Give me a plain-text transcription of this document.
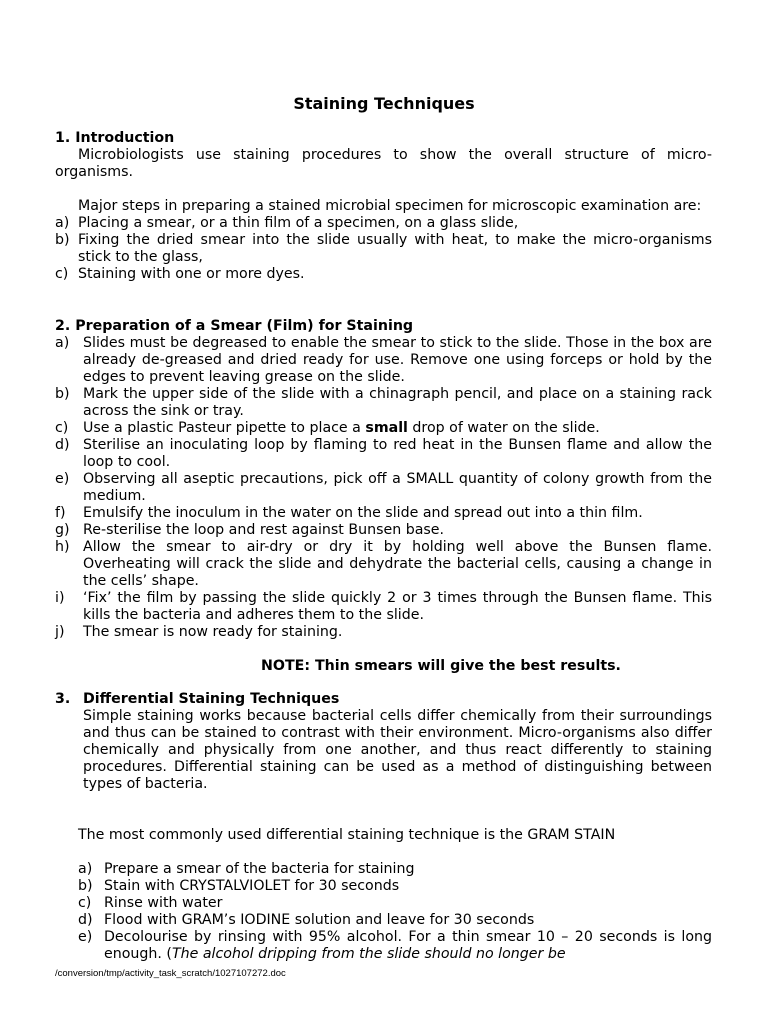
Staining Techniques
1. Introduction
Microbiologists use staining procedures to show the overall structure of micro-organisms.
Major steps in preparing a stained microbial specimen for microscopic examination are:
a) Placing a smear, or a thin film of a specimen, on a glass slide,
b) Fixing the dried smear into the slide usually with heat, to make the micro-organisms stick to the glass,
c) Staining with one or more dyes.
2. Preparation of a Smear (Film) for Staining
a) Slides must be degreased to enable the smear to stick to the slide. Those in the box are already de-greased and dried ready for use. Remove one using forceps or hold by the edges to prevent leaving grease on the slide.
b) Mark the upper side of the slide with a chinagraph pencil, and place on a staining rack across the sink or tray.
c)	Use a plastic Pasteur pipette to place a small drop of water on the slide.
d) Sterilise an inoculating loop by flaming to red heat in the Bunsen flame and allow the loop to cool.
e) Observing all aseptic precautions, pick off a SMALL quantity of colony growth from the medium.
f)	Emulsify the inoculum in the water on the slide and spread out into a thin film.
g) Re-sterilise the loop and rest against Bunsen base.
h) Allow the smear to air-dry or dry it by holding well above the Bunsen flame. Overheating will crack the slide and dehydrate the bacterial cells, causing a change in the cells’ shape.
i)	‘Fix’ the film by passing the slide quickly 2 or 3 times through the Bunsen flame. This kills the bacteria and adheres them to the slide.
j)	The smear is now ready for staining.
NOTE: Thin smears will give the best results.
3. Differential Staining Techniques
Simple staining works because bacterial cells differ chemically from their surroundings and thus can be stained to contrast with their environment. Micro-organisms also differ chemically and physically from one another, and thus react differently to staining procedures. Differential staining can be used as a method of distinguishing between types of bacteria.
The most commonly used differential staining technique is the GRAM STAIN
a) Prepare a smear of the bacteria for staining
b) Stain with CRYSTALVIOLET for 30 seconds
c) Rinse with water
d) Flood with GRAM’s IODINE solution and leave for 30 seconds
e) Decolourise by rinsing with 95% alcohol. For a thin smear 10 – 20 seconds is long enough. (The alcohol dripping from the slide should no longer be
/conversion/tmp/activity_task_scratch/1027107272.doc
